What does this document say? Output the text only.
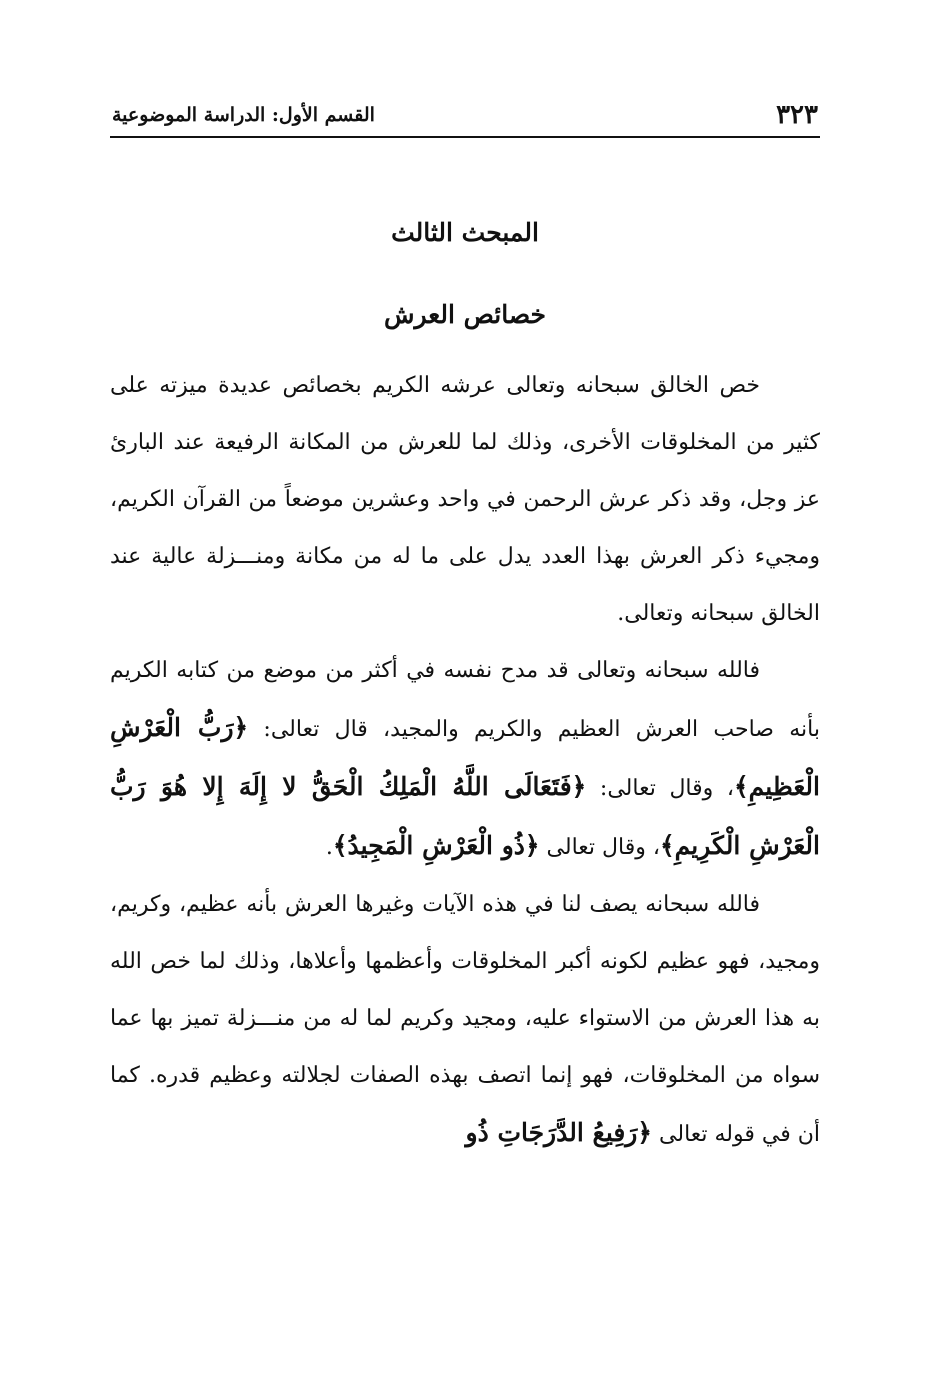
٣٢٣
القسم الأول: الدراسة الموضوعية
المبحث الثالث
خصائص العرش

خص الخالق سبحانه وتعالى عرشه الكريم بخصائص عديدة ميزته على كثير من المخلوقات الأخرى، وذلك لما للعرش من المكانة الرفيعة عند البارئ عز وجل، وقد ذكر عرش الرحمن في واحد وعشرين موضعاً من القرآن الكريم، ومجيء ذكر العرش بهذا العدد يدل على ما له من مكانة ومنـــزلة عالية عند الخالق سبحانه وتعالى.

فالله سبحانه وتعالى قد مدح نفسه في أكثر من موضع من كتابه الكريم بأنه صاحب العرش العظيم والكريم والمجيد، قال تعالى: ﴿رَبُّ الْعَرْشِ الْعَظِيمِ﴾، وقال تعالى: ﴿فَتَعَالَى اللَّهُ الْمَلِكُ الْحَقُّ لا إِلَهَ إِلا هُوَ رَبُّ الْعَرْشِ الْكَرِيمِ﴾، وقال تعالى ﴿ذُو الْعَرْشِ الْمَجِيدُ﴾.

فالله سبحانه يصف لنا في هذه الآيات وغيرها العرش بأنه عظيم، وكريم، ومجيد، فهو عظيم لكونه أكبر المخلوقات وأعظمها وأعلاها، وذلك لما خص الله به هذا العرش من الاستواء عليه، ومجيد وكريم لما له من منـــزلة تميز بها عما سواه من المخلوقات، فهو إنما اتصف بهذه الصفات لجلالته وعظيم قدره. كما أن في قوله تعالى ﴿رَفِيعُ الدَّرَجَاتِ ذُو
